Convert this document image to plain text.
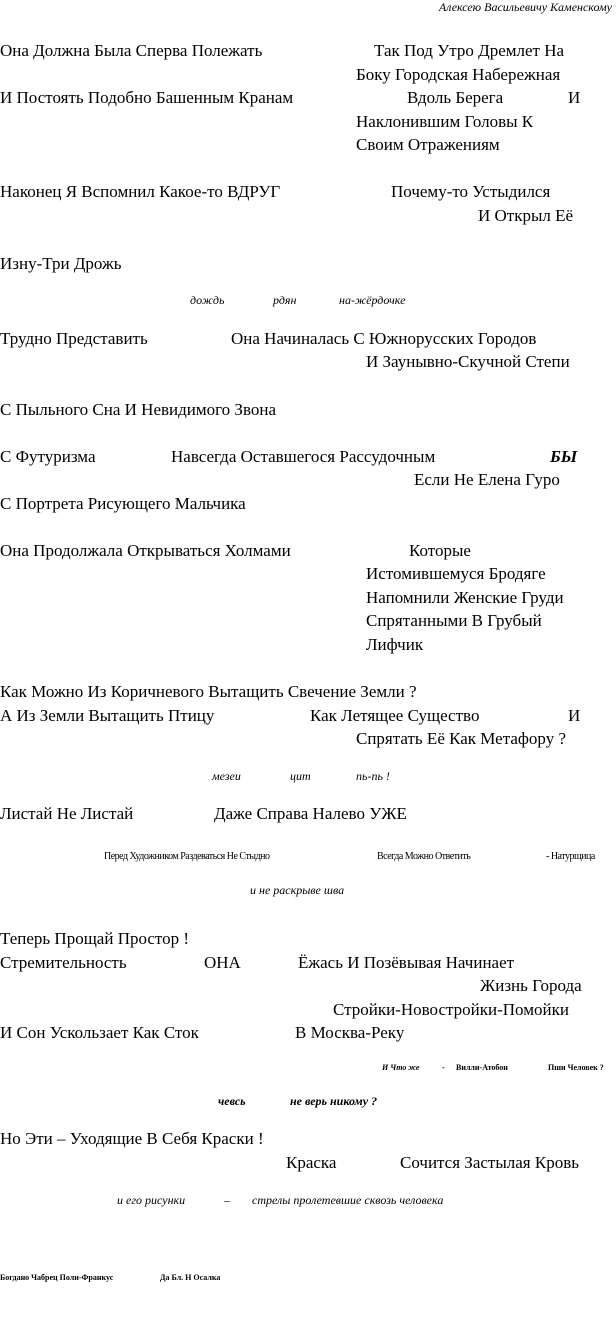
Алексею Васильевичу Каменскому
Она Должна Была Сперва Полежать	Так Под Утро Дремлет На
Боку Городская Набережная
И Постоять Подобно Башенным Кранам	Вдоль Берега	И
Наклонившим Головы К
Своим Отражениям
Наконец Я Вспомнил Какое-то ВДРУГ	Почему-то Устыдился
И Открыл Её
Изну-Три Дрожь
дождь	рдян	на-жёрдочке
Трудно Представить	Она Начиналась С Южнорусских Городов
И Заунывно-Скучной Степи
С Пыльного Сна И Невидимого Звона
С Футуризма	Навсегда Оставшегося Рассудочным	БЫ
Если Не Елена Гуро
С Портрета Рисующего Мальчика
Она Продолжала Открываться Холмами	Которые
Истомившемуся Бродяге
Напомнили Женские Груди
Спрятанными В Грубый
Лифчик
Как Можно Из Коричневого Вытащить Свечение Земли ?
А Из Земли Вытащить Птицу	Как Летящее Существо	И
Спрятать Её Как Метафору ?
мезеи	цит	пь-пь !
Листай Не Листай	Даже Справа Налево УЖЕ
Перед Художником Раздеваться Не Стыдно	Всегда Можно Ответить	- Натурщица
и не раскрыве шва
Теперь Прощай Простор !
Стремительность	ОНА	Ёжась И Позёвывая Начинает
Жизнь Города
Стройки-Новостройки-Помойки
И Сон Ускользает Как Сток	В Москва-Реку
И Что же	- Вилли-Атобон	Пши Человек ?
чевсь	не верь никому ?
Но Эти – Уходящие В Себя Краски !
Краска	Сочится Застылая Кровь
и его рисунки	– стрелы пролетевшие сквозь человека
Богдано Чабрец Поли-Франкус	Да Бл. Н Осалка
